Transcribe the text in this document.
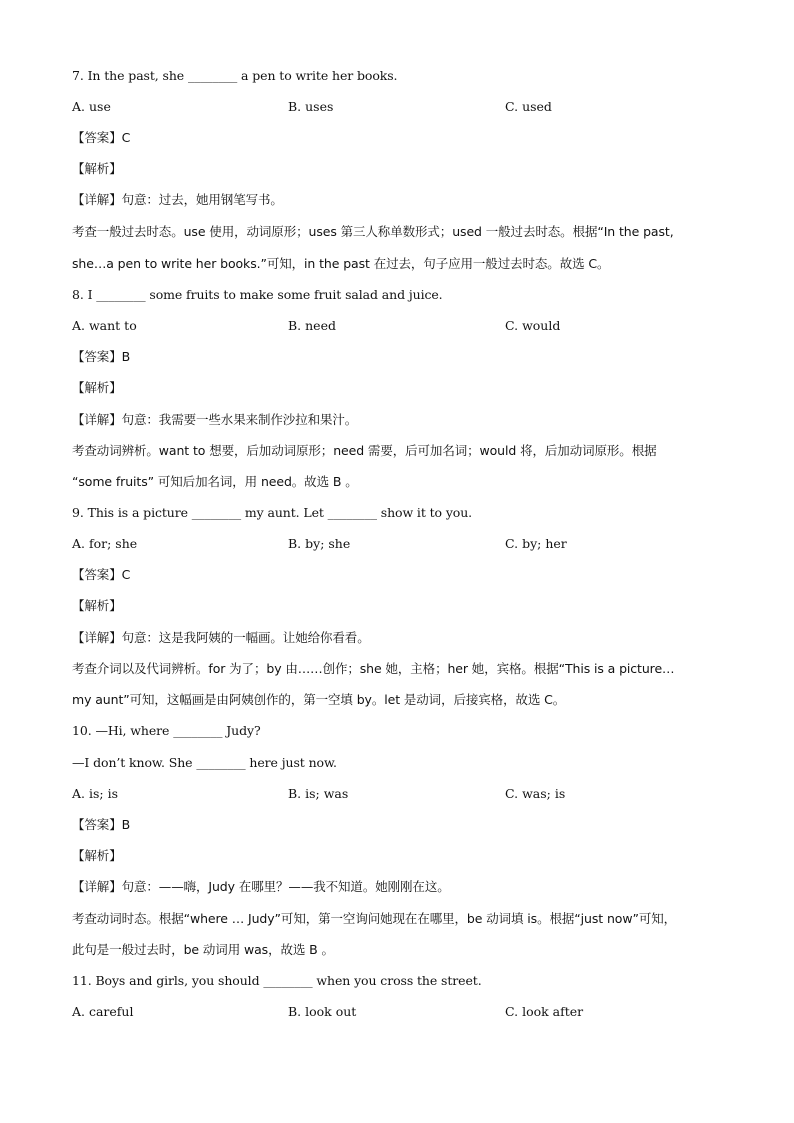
7. In the past, she ________ a pen to write her books.
A. use	B. uses	C. used
【答案】C
【解析】
【详解】句意：过去，她用钢笔写书。
考查一般过去时态。use 使用，动词原形；uses 第三人称单数形式；used 一般过去时态。根据“In the past,
she…a pen to write her books.”可知，in the past 在过去，句子应用一般过去时态。故选 C。
8. I ________ some fruits to make some fruit salad and juice.
A. want to	B. need	C. would
【答案】B
【解析】
【详解】句意：我需要一些水果来制作沙拉和果汁。
考查动词辨析。want to 想要，后加动词原形；need 需要，后可加名词；would 将，后加动词原形。根据
“some fruits” 可知后加名词，用 need。故选 B 。
9. This is a picture ________ my aunt. Let ________ show it to you.
A. for; she	B. by; she	C. by; her
【答案】C
【解析】
【详解】句意：这是我阿姨的一幅画。让她给你看看。
考查介词以及代词辨析。for 为了；by 由……创作；she 她，主格；her 她，宾格。根据“This is a picture…
my aunt”可知，这幅画是由阿姨创作的，第一空填 by。let 是动词，后接宾格，故选 C。
10. —Hi, where ________ Judy?
—I don’t know. She ________ here just now.
A. is; is	B. is; was	C. was; is
【答案】B
【解析】
【详解】句意：——嗨，Judy 在哪里？——我不知道。她刚刚在这。
考查动词时态。根据“where … Judy”可知，第一空询问她现在在哪里，be 动词填 is。根据“just now”可知，
此句是一般过去时，be 动词用 was，故选 B 。
11. Boys and girls, you should ________ when you cross the street.
A. careful	B. look out	C. look after
